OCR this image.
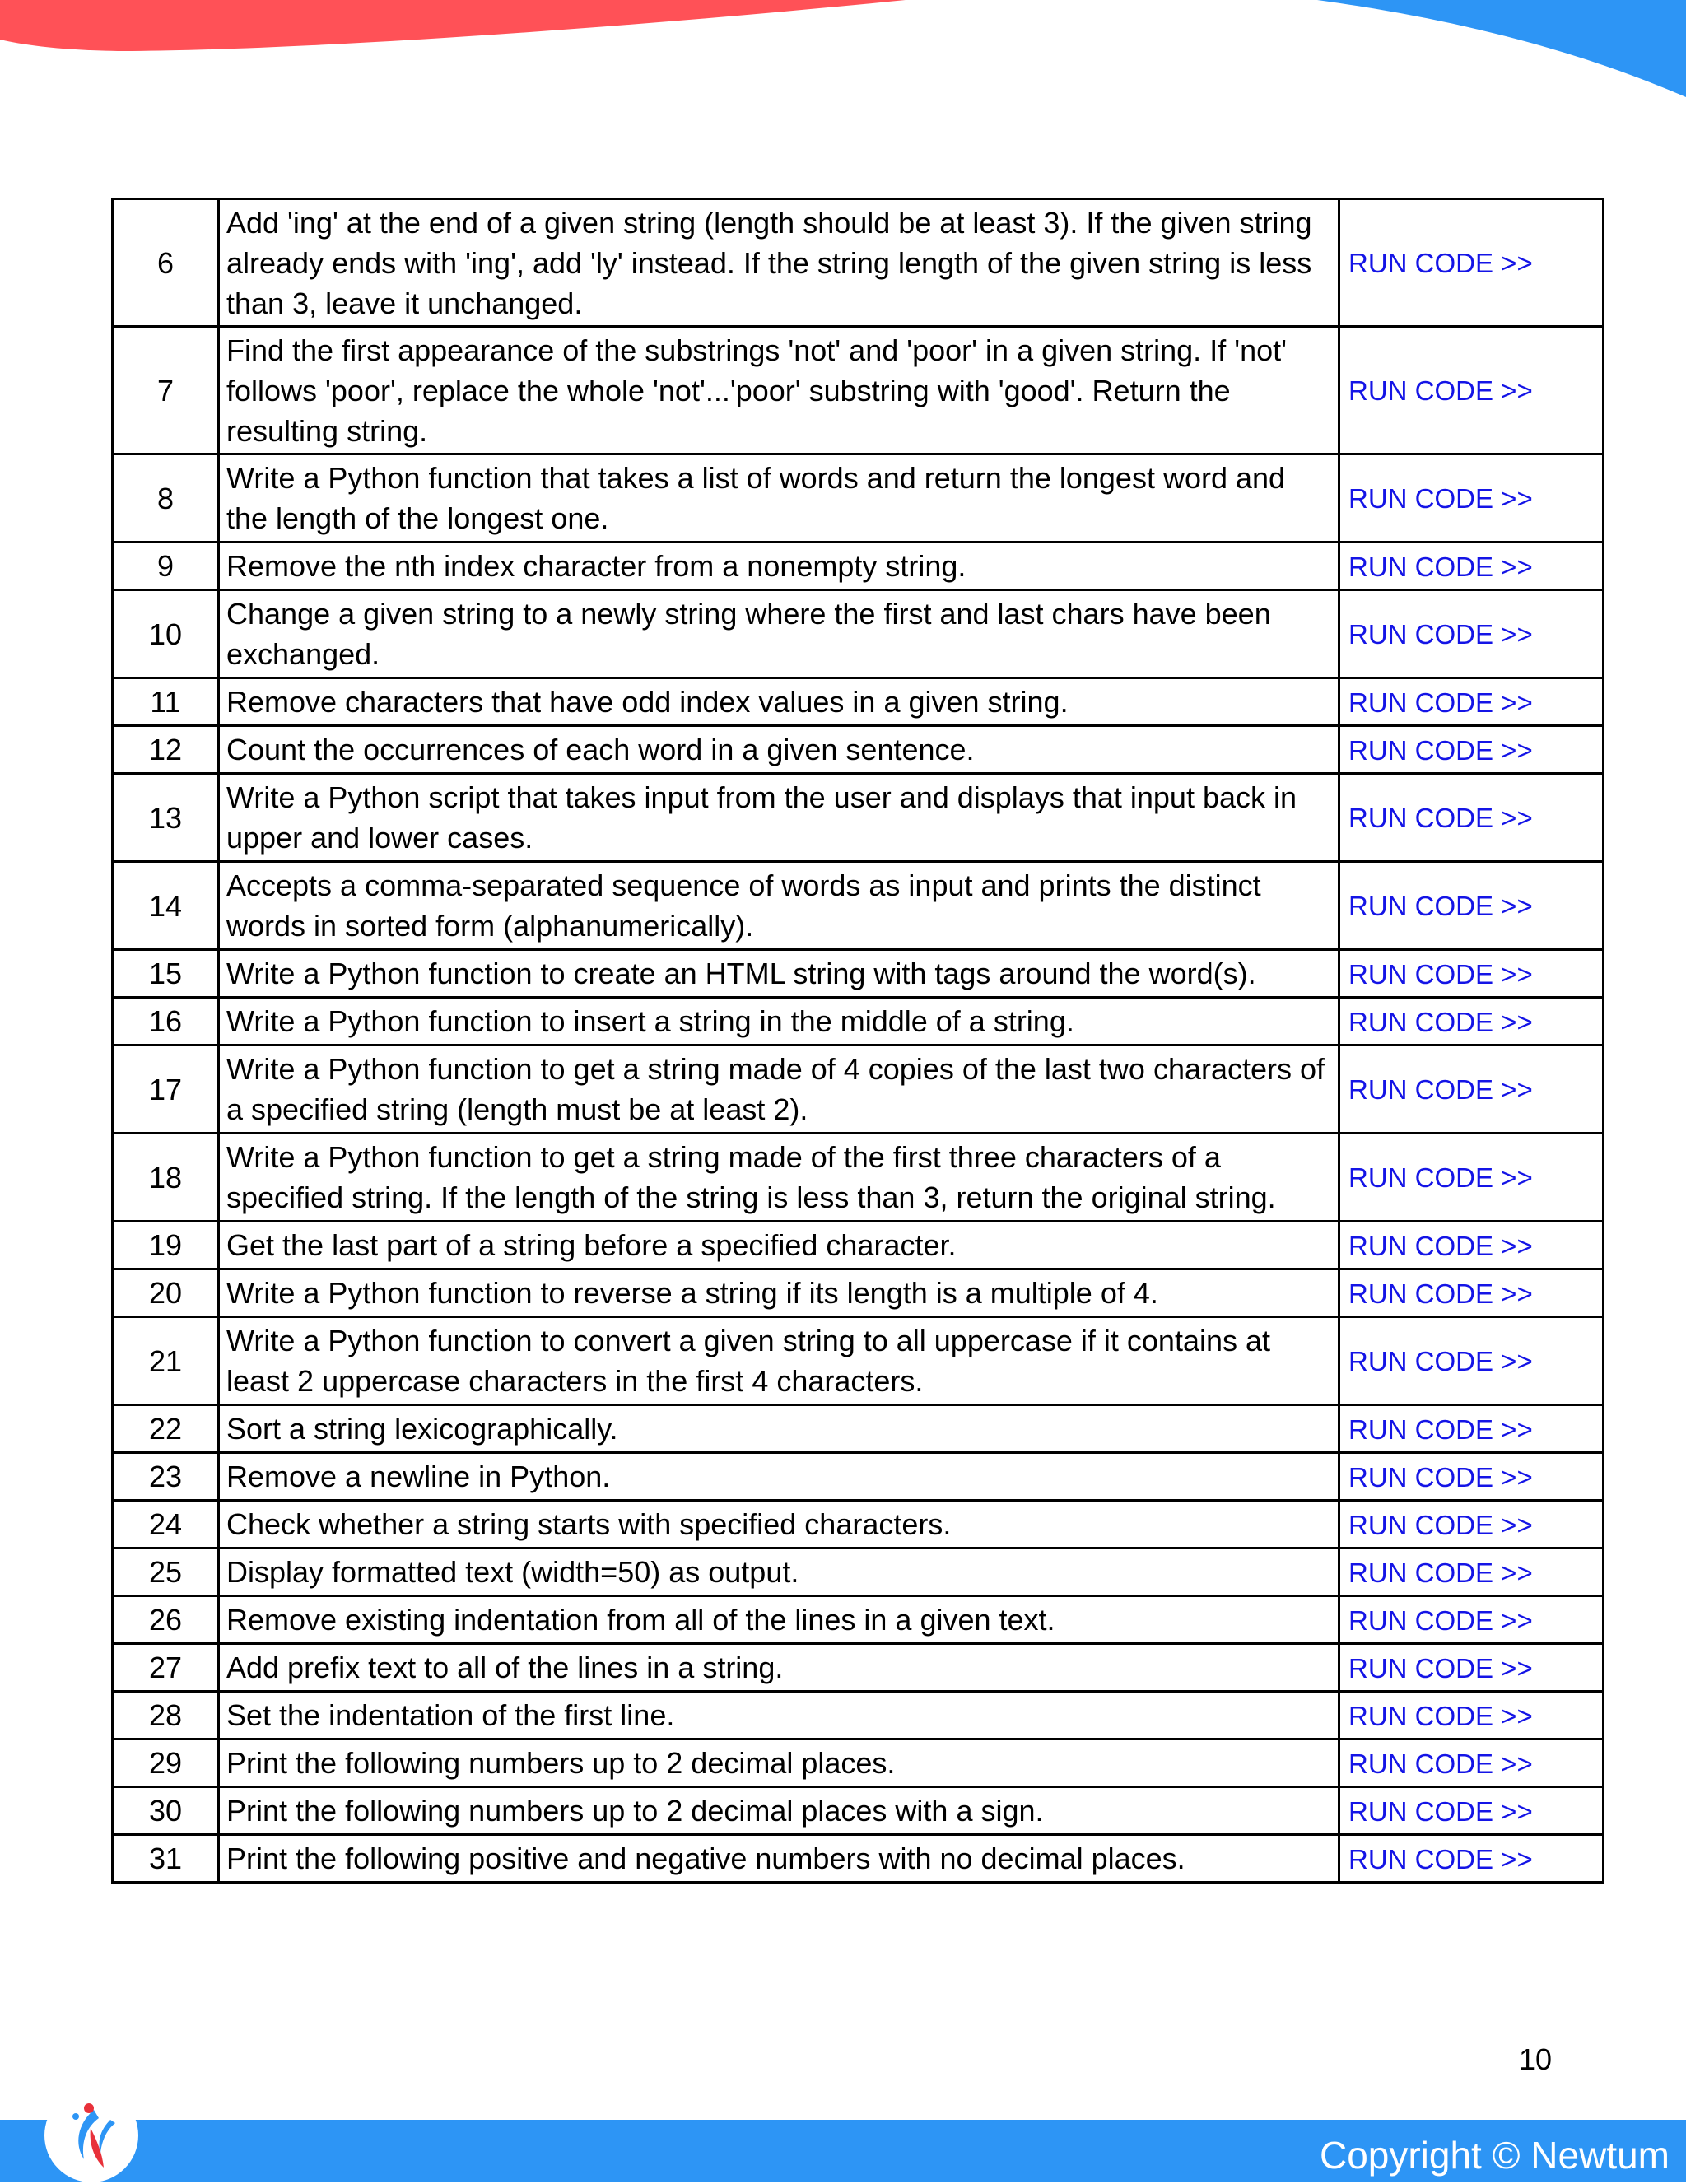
6	Add 'ing' at the end of a given string (length should be at least 3). If the given string already ends with 'ing', add 'ly' instead. If the string length of the given string is less than 3, leave it unchanged.	RUN CODE >>
7	Find the first appearance of the substrings 'not' and 'poor' in a given string. If 'not' follows 'poor', replace the whole 'not'...'poor' substring with 'good'. Return the resulting string.	RUN CODE >>
8	Write a Python function that takes a list of words and return the longest word and the length of the longest one.	RUN CODE >>
9	Remove the nth index character from a nonempty string.	RUN CODE >>
10	Change a given string to a newly string where the first and last chars have been exchanged.	RUN CODE >>
11	Remove characters that have odd index values in a given string.	RUN CODE >>
12	Count the occurrences of each word in a given sentence.	RUN CODE >>
13	Write a Python script that takes input from the user and displays that input back in upper and lower cases.	RUN CODE >>
14	Accepts a comma-separated sequence of words as input and prints the distinct words in sorted form (alphanumerically).	RUN CODE >>
15	Write a Python function to create an HTML string with tags around the word(s).	RUN CODE >>
16	Write a Python function to insert a string in the middle of a string.	RUN CODE >>
17	Write a Python function to get a string made of 4 copies of the last two characters of a specified string (length must be at least 2).	RUN CODE >>
18	Write a Python function to get a string made of the first three characters of a specified string. If the length of the string is less than 3, return the original string.	RUN CODE >>
19	Get the last part of a string before a specified character.	RUN CODE >>
20	Write a Python function to reverse a string if its length is a multiple of 4.	RUN CODE >>
21	Write a Python function to convert a given string to all uppercase if it contains at least 2 uppercase characters in the first 4 characters.	RUN CODE >>
22	Sort a string lexicographically.	RUN CODE >>
23	Remove a newline in Python.	RUN CODE >>
24	Check whether a string starts with specified characters.	RUN CODE >>
25	Display formatted text (width=50) as output.	RUN CODE >>
26	Remove existing indentation from all of the lines in a given text.	RUN CODE >>
27	Add prefix text to all of the lines in a string.	RUN CODE >>
28	Set the indentation of the first line.	RUN CODE >>
29	Print the following numbers up to 2 decimal places.	RUN CODE >>
30	Print the following numbers up to 2 decimal places with a sign.	RUN CODE >>
31	Print the following positive and negative numbers with no decimal places.	RUN CODE >>
10
Copyright © Newtum
